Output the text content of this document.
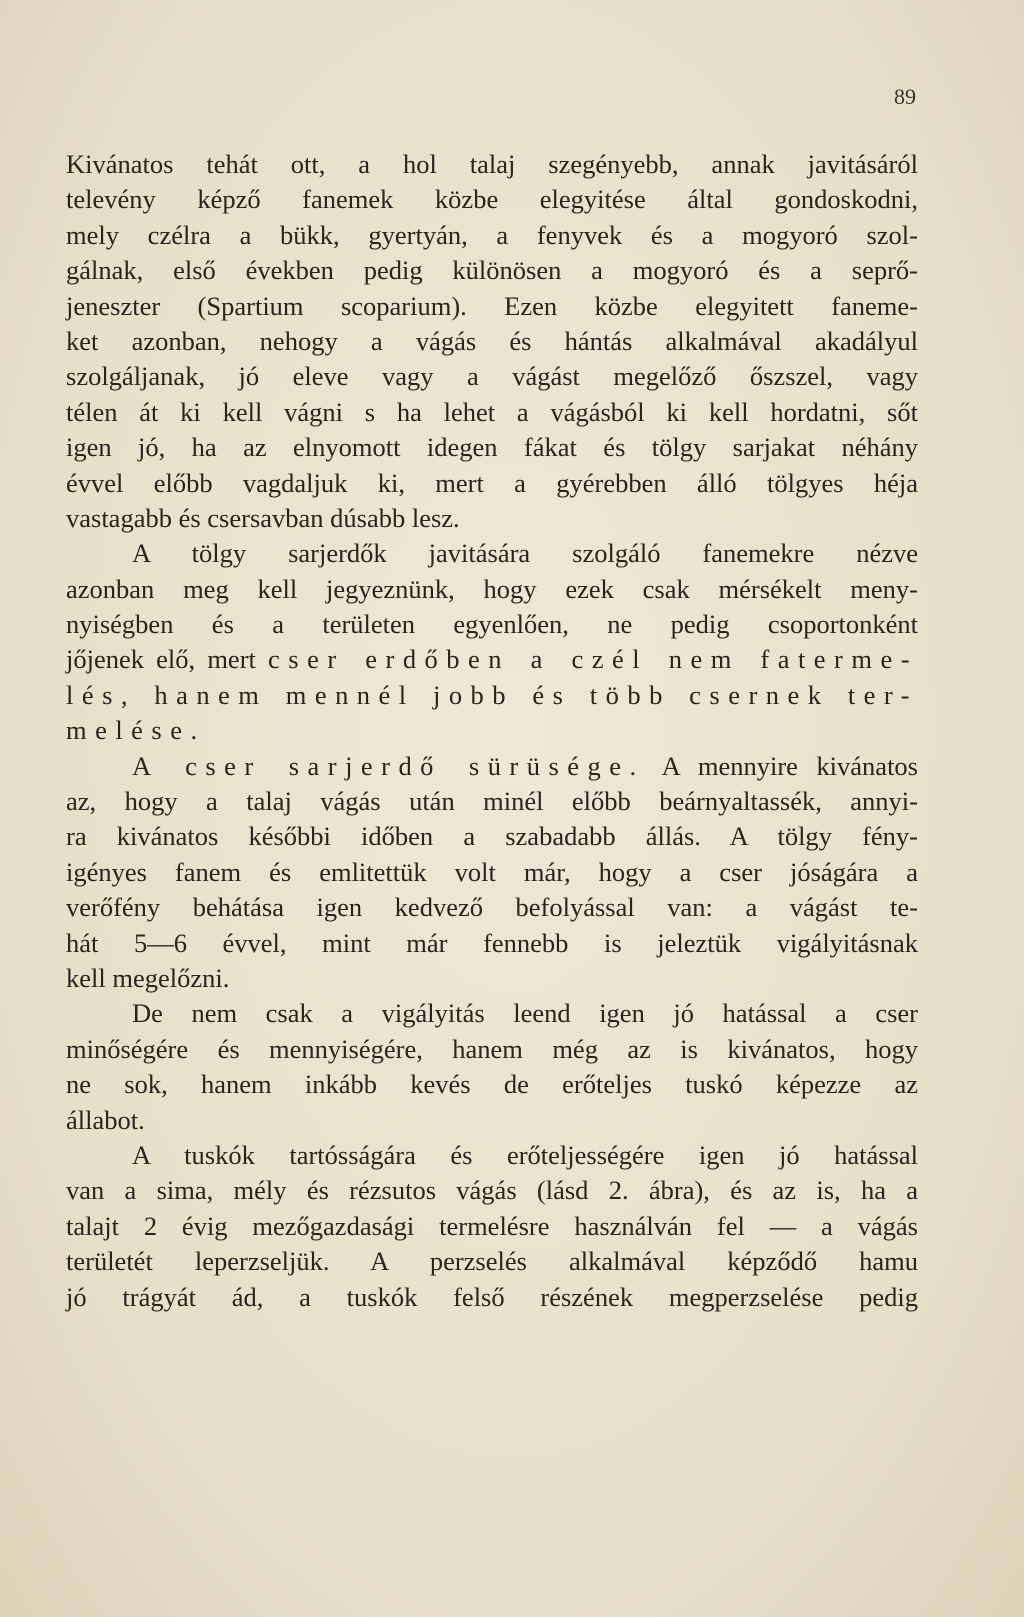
89
Kivánatos tehát ott, a hol talaj szegényebb, annak javitásáról
televény képző fanemek közbe elegyitése által gondoskodni,
mely czélra a bükk, gyertyán, a fenyvek és a mogyoró szol-
gálnak, első években pedig különösen a mogyoró és a seprő-
jeneszter (Spartium scoparium). Ezen közbe elegyitett faneme-
ket azonban, nehogy a vágás és hántás alkalmával akadályul
szolgáljanak, jó eleve vagy a vágást megelőző őszszel, vagy
télen át ki kell vágni s ha lehet a vágásból ki kell hordatni, sőt
igen jó, ha az elnyomott idegen fákat és tölgy sarjakat néhány
évvel előbb vagdaljuk ki, mert a gyérebben álló tölgyes héja
vastagabb és csersavban dúsabb lesz.
A tölgy sarjerdők javitására szolgáló fanemekre nézve
azonban meg kell jegyeznünk, hogy ezek csak mérsékelt meny-
nyiségben és a területen egyenlően, ne pedig csoportonként
jőjenek elő, mert cser erdőben a czél nem faterme-
lés, hanem mennél jobb és több csernek ter-
melése.
A cser sarjerdő sürüsége. A mennyire kivánatos
az, hogy a talaj vágás után minél előbb beárnyaltassék, annyi-
ra kivánatos későbbi időben a szabadabb állás. A tölgy fény-
igényes fanem és emlitettük volt már, hogy a cser jóságára a
verőfény behátása igen kedvező befolyással van: a vágást te-
hát 5—6 évvel, mint már fennebb is jeleztük vigályitásnak
kell megelőzni.
De nem csak a vigályitás leend igen jó hatással a cser
minőségére és mennyiségére, hanem még az is kivánatos, hogy
ne sok, hanem inkább kevés de erőteljes tuskó képezze az
állabot.
A tuskók tartósságára és erőteljességére igen jó hatással
van a sima, mély és rézsutos vágás (lásd 2. ábra), és az is, ha a
talajt 2 évig mezőgazdasági termelésre használván fel — a vágás
területét leperzseljük. A perzselés alkalmával képződő hamu
jó trágyát ád, a tuskók felső részének megperzselése pedig
